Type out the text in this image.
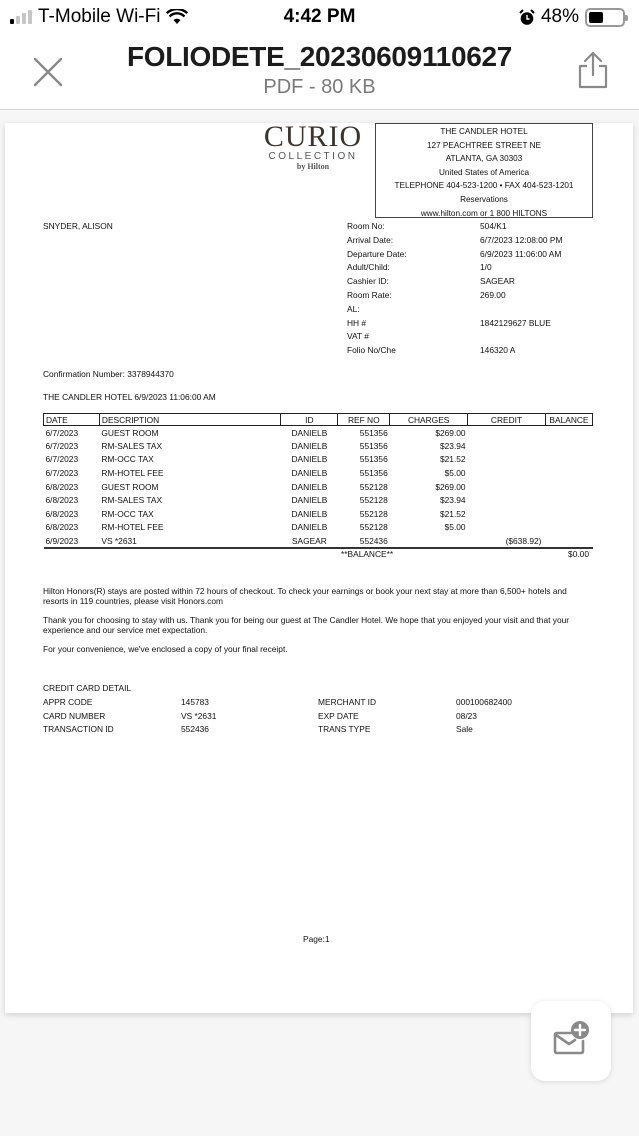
T-Mobile Wi-Fi	4:42 PM	48%
FOLIODETE_20230609110627
PDF - 80 KB
CURIO
COLLECTION
by Hilton
THE CANDLER HOTEL
127 PEACHTREE STREET NE
ATLANTA, GA 30303
United States of America
TELEPHONE 404-523-1200 • FAX 404-523-1201
Reservations
www.hilton.com or 1 800 HILTONS
SNYDER, ALISON	Room No:	504/K1
Arrival Date:	6/7/2023 12:08:00 PM
Departure Date:	6/9/2023 11:06:00 AM
Adult/Child:	1/0
Cashier ID:	SAGEAR
Room Rate:	269.00
AL:
HH #	1842129627 BLUE
VAT #
Folio No/Che	146320 A
Confirmation Number: 3378944370
THE CANDLER HOTEL 6/9/2023 11:06:00 AM
DATE	DESCRIPTION	ID	REF NO	CHARGES	CREDIT	BALANCE
6/7/2023	GUEST ROOM	DANIELB	551356	$269.00		
6/7/2023	RM-SALES TAX	DANIELB	551356	$23.94		
6/7/2023	RM-OCC TAX	DANIELB	551356	$21.52		
6/7/2023	RM-HOTEL FEE	DANIELB	551356	$5.00		
6/8/2023	GUEST ROOM	DANIELB	552128	$269.00		
6/8/2023	RM-SALES TAX	DANIELB	552128	$23.94		
6/8/2023	RM-OCC TAX	DANIELB	552128	$21.52		
6/8/2023	RM-HOTEL FEE	DANIELB	552128	$5.00		
6/9/2023	VS *2631	SAGEAR	552436		($638.92)	
**BALANCE**	$0.00
Hilton Honors(R) stays are posted within 72 hours of checkout. To check your earnings or book your next stay at more than 6,500+ hotels and resorts in 119 countries, please visit Honors.com
Thank you for choosing to stay with us. Thank you for being our guest at The Candler Hotel. We hope that you enjoyed your visit and that your experience and our service met expectation.
For your convenience, we've enclosed a copy of your final receipt.
CREDIT CARD DETAIL
APPR CODE	145783	MERCHANT ID	000100682400
CARD NUMBER	VS *2631	EXP DATE	08/23
TRANSACTION ID	552436	TRANS TYPE	Sale
Page:1
